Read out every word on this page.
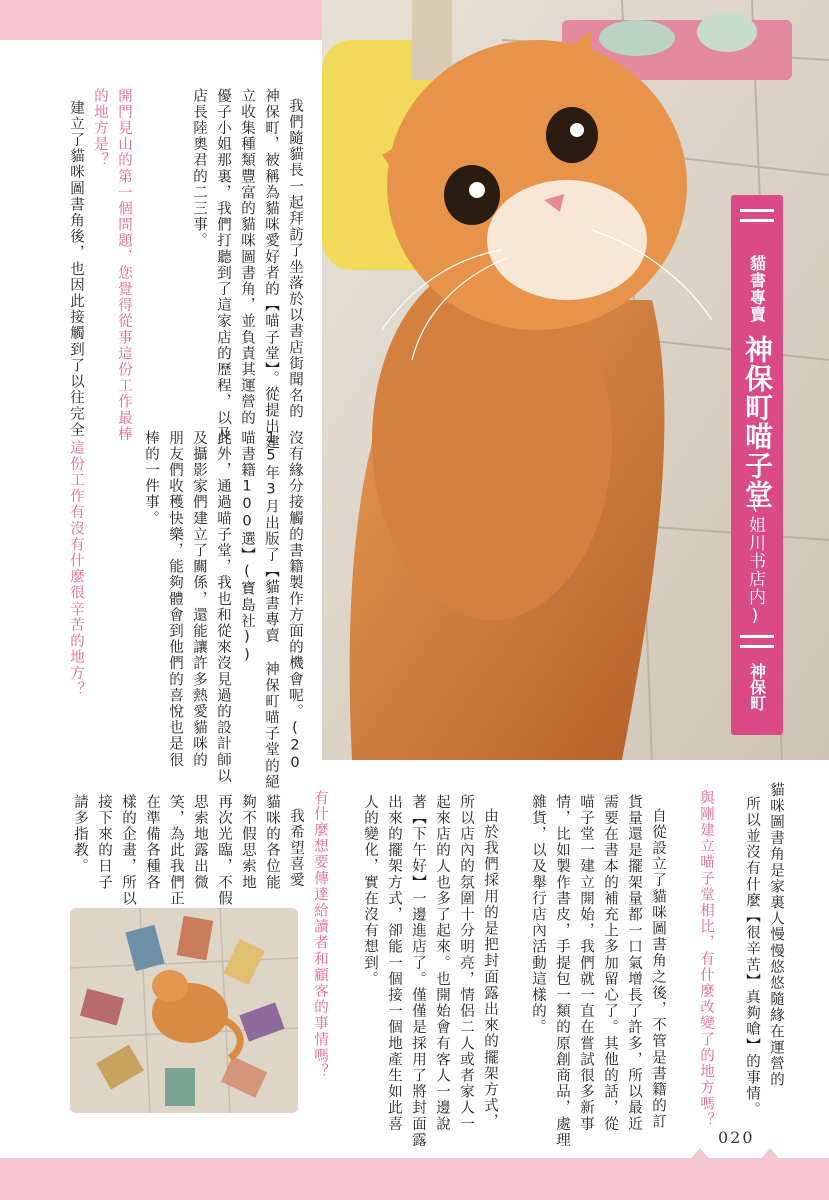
貓書專賣
神保町喵子堂
(姐川书店内)
神保町
我們隨貓長一起拜訪了坐落於以書店街聞名的
神保町，被稱為貓咪愛好者的【喵子堂】。從提出建
立收集種類豐富的貓咪圖書角，並負責其運營的
優子小姐那裏，我們打聽到了這家店的歷程，以及
店長陸奧君的二三事。
開門見山的第一個問題，您覺得從事這份工作最棒
的地方是？
建立了貓咪圖書角後，也因此接觸到了以往完全
沒有緣分接觸的書籍製作方面的機會呢。(20
15年3月出版了【貓書專賣 神保町喵子堂的絕
喵書籍100選】(寶島社))
此外，通過喵子堂，我也和從來沒見過的設計師以
及攝影家們建立了關係，還能讓許多熱愛貓咪的
朋友們收穫快樂，能夠體會到他們的喜悅也是很
棒的一件事。
這份工作有沒有什麼很辛苦的地方？
貓咪圖書角是家裏人慢慢悠悠隨緣在運營的
所以並沒有什麼【很辛苦】真夠嗆】的事情。
與剛建立喵子堂相比，有什麼改變了的地方嗎？
自從設立了貓咪圖書角之後，不管是書籍的訂
貨量還是擺架量都一口氣增長了許多，所以最近
需要在書本的補充上多加留心了。其他的話，從
喵子堂一建立開始，我們就一直在嘗試很多新事
情，比如製作書皮，手提包一類的原創商品，處理
雜貨，以及舉行店內活動這樣的。
由於我們採用的是把封面露出來的擺架方式，
所以店內的氛圍十分明亮，情侶二人或者家人一
起來店的人也多了起來。也開始會有客人一邊說
著【下午好】一邊進店了。僅僅是採用了將封面露
出來的擺架方式，卻能一個接一個地產生如此喜
人的變化，實在沒有想到。
有什麼想要傳達給讀者和顧客的事情嗎？
我希望喜愛
貓咪的各位能
夠不假思索地
再次光臨，不假
思索地露出微
笑，為此我們正
在準備各種各
樣的企畫，所以
接下來的日子
請多指教。
020
